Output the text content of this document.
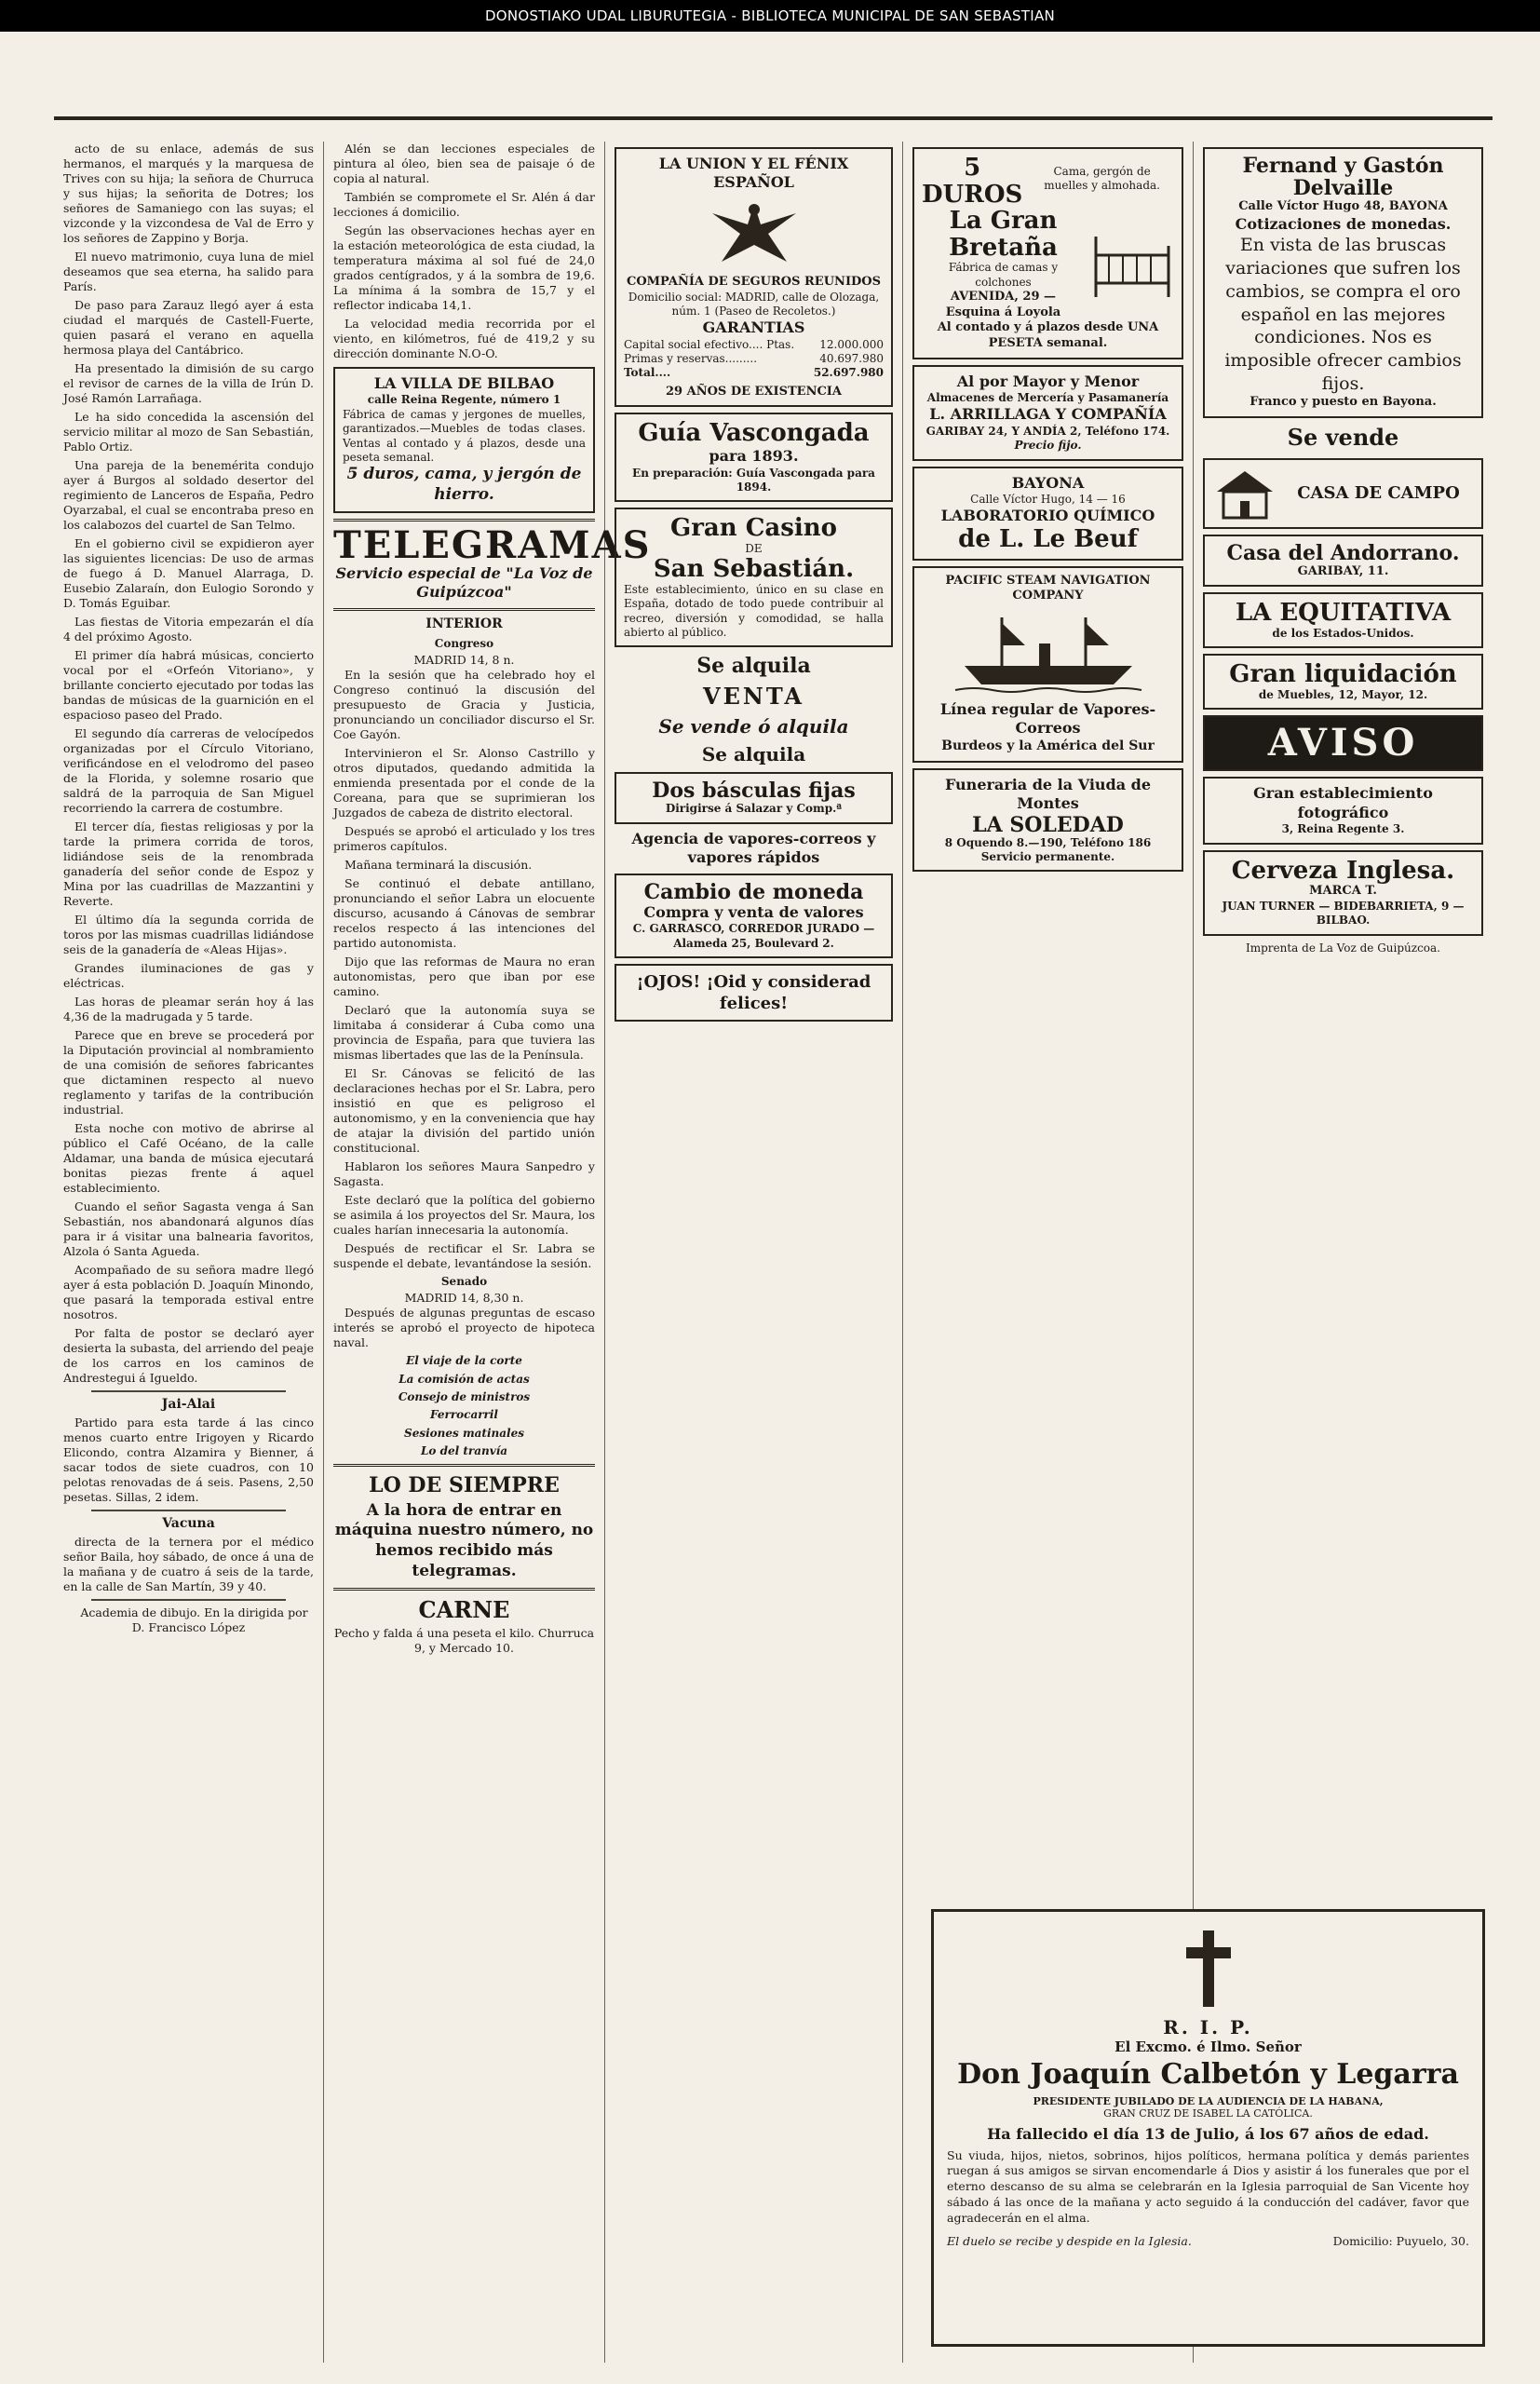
DONOSTIAKO UDAL LIBURUTEGIA - BIBLIOTECA MUNICIPAL DE SAN SEBASTIAN

acto de su enlace, además de sus hermanos, el marqués y la marquesa de Trives con su hija; la señora de Churruca y sus hijas; la señorita de Dotres; los señores de Samaniego con las suyas; el vizconde y la vizcondesa de Val de Erro y los señores de Zappino y Borja.

El nuevo matrimonio, cuya luna de miel deseamos que sea eterna, ha salido para París.

De paso para Zarauz llegó ayer á esta ciudad el marqués de Castell-Fuerte, quien pasará el verano en aquella hermosa playa del Cantábrico.

Ha presentado la dimisión de su cargo el revisor de carnes de la villa de Irún D. José Ramón Larrañaga.

Le ha sido concedida la ascensión del servicio militar al mozo de San Sebastián, Pablo Ortiz.

Una pareja de la benemérita condujo ayer á Burgos al soldado desertor del regimiento de Lanceros de España, Pedro Oyarzabal, el cual se encontraba preso en los calabozos del cuartel de San Telmo.

En el gobierno civil se expidieron ayer las siguientes licencias: De uso de armas de fuego á D. Manuel Alarraga, D. Eusebio Zalaraín, don Eulogio Sorondo y D. Tomás Eguibar.

Las fiestas de Vitoria empezarán el día 4 del próximo Agosto.

El primer día habrá músicas, concierto vocal por el «Orfeón Vitoriano», y brillante concierto ejecutado por todas las bandas de músicas de la guarnición en el espacioso paseo del Prado.

El segundo día carreras de velocípedos organizadas por el Círculo Vitoriano, verificándose en el velodromo del paseo de la Florida, y solemne rosario que saldrá de la parroquia de San Miguel recorriendo la carrera de costumbre.

El tercer día, fiestas religiosas y por la tarde la primera corrida de toros, lidiándose seis de la renombrada ganadería del señor conde de Espoz y Mina por las cuadrillas de Mazzantini y Reverte.

El último día la segunda corrida de toros por las mismas cuadrillas lidiándose seis de la ganadería de «Aleas Hijas».

Grandes iluminaciones de gas y eléctricas.

Las horas de pleamar serán hoy á las 4,36 de la madrugada y 5 tarde.

Parece que en breve se procederá por la Diputación provincial al nombramiento de una comisión de señores fabricantes que dictaminen respecto al nuevo reglamento y tarifas de la contribución industrial.

Esta noche con motivo de abrirse al público el Café Océano, de la calle Aldamar, una banda de música ejecutará bonitas piezas frente á aquel establecimiento.

Cuando el señor Sagasta venga á San Sebastián, nos abandonará algunos días para ir á visitar una balnearia favoritos, Alzola ó Santa Agueda.

Acompañado de su señora madre llegó ayer á esta población D. Joaquín Minondo, que pasará la temporada estival entre nosotros.

Por falta de postor se declaró ayer desierta la subasta, del arriendo del peaje de los carros en los caminos de Andrestegui á Igueldo.

Jai-Alai

Partido para esta tarde á las cinco menos cuarto entre Irigoyen y Ricardo Elicondo, contra Alzamira y Bienner, á sacar todos de siete cuadros, con 10 pelotas renovadas de á seis. Pasens, 2,50 pesetas. Sillas, 2 idem.

Vacuna

directa de la ternera por el médico señor Baila, hoy sábado, de once á una de la mañana y de cuatro á seis de la tarde, en la calle de San Martín, 39 y 40.

Academia de dibujo. En la dirigida por D. Francisco López

Alén se dan lecciones especiales de pintura al óleo, bien sea de paisaje ó de copia al natural.

También se compromete el Sr. Alén á dar lecciones á domicilio.

Según las observaciones hechas ayer en la estación meteorológica de esta ciudad, la temperatura máxima al sol fué de 24,0 grados centígrados, y á la sombra de 19,6. La mínima á la sombra de 15,7 y el reflector indicaba 14,1.

La velocidad media recorrida por el viento, en kilómetros, fué de 419,2 y su dirección dominante N.O-O.

LA VILLA DE BILBAO
calle Reina Regente, número 1
Fábrica de camas y jergones de muelles, garantizados.—Muebles de todas clases. Ventas al contado y á plazos, desde una peseta semanal.
5 duros, cama, y jergón de hierro.
TELEGRAMAS
Servicio especial de "La Voz de Guipúzcoa"
INTERIOR
Congreso
MADRID 14, 8 n.

En la sesión que ha celebrado hoy el Congreso continuó la discusión del presupuesto de Gracia y Justicia, pronunciando un conciliador discurso el Sr. Coe Gayón.

Intervinieron el Sr. Alonso Castrillo y otros diputados, quedando admitida la enmienda presentada por el conde de la Coreana, para que se suprimieran los Juzgados de cabeza de distrito electoral.

Después se aprobó el articulado y los tres primeros capítulos.

Mañana terminará la discusión.

Se continuó el debate antillano, pronunciando el señor Labra un elocuente discurso, acusando á Cánovas de sembrar recelos respecto á las intenciones del partido autonomista.

Dijo que las reformas de Maura no eran autonomistas, pero que iban por ese camino.

Declaró que la autonomía suya se limitaba á considerar á Cuba como una provincia de España, para que tuviera las mismas libertades que las de la Península.

El Sr. Cánovas se felicitó de las declaraciones hechas por el Sr. Labra, pero insistió en que es peligroso el autonomismo, y en la conveniencia que hay de atajar la división del partido unión constitucional.

Hablaron los señores Maura Sanpedro y Sagasta.

Este declaró que la política del gobierno se asimila á los proyectos del Sr. Maura, los cuales harían innecesaria la autonomía.

Después de rectificar el Sr. Labra se suspende el debate, levantándose la sesión.

Senado
MADRID 14, 8,30 n.

Después de algunas preguntas de escaso interés se aprobó el proyecto de hipoteca naval.

El viaje de la corte
La comisión de actas
Consejo de ministros
Ferrocarril
Sesiones matinales
Lo del tranvía
LO DE SIEMPRE
A la hora de entrar en máquina nuestro número, no hemos recibido más telegramas.
CARNE
Pecho y falda á una peseta el kilo. Churruca 9, y Mercado 10.
LA UNION Y EL FÉNIX ESPAÑOL
COMPAÑÍA DE SEGUROS REUNIDOS
Domicilio social: MADRID, calle de Olozaga, núm. 1 (Paseo de Recoletos.)
GARANTIAS
Capital social efectivo.... Ptas. 12.000.000
Primas y reservas.........	40.697.980
Total....	52.697.980
29 AÑOS DE EXISTENCIA
Guía Vascongada
para 1893.
En preparación: Guía Vascongada para 1894.
Gran Casino
DE
San Sebastián.
Este establecimiento, único en su clase en España, dotado de todo puede contribuir al recreo, diversión y comodidad, se halla abierto al público.
Se alquila
VENTA
Se vende ó alquila
Se alquila
Dos básculas fijas
Dirigirse á Salazar y Comp.ª
Agencia de vapores-correos y vapores rápidos
Cambio de moneda
Compra y venta de valores
C. GARRASCO, CORREDOR JURADO — Alameda 25, Boulevard 2.
¡OJOS! ¡Oid y considerad felices!
5 DUROS
Cama, gergón de muelles y almohada.
La Gran Bretaña
Fábrica de camas y colchones
AVENIDA, 29 — Esquina á Loyola
Al contado y á plazos desde UNA PESETA semanal.
Al por Mayor y Menor
Almacenes de Mercería y Pasamanería
L. ARRILLAGA Y COMPAÑÍA
GARIBAY 24, Y ANDÍA 2, Teléfono 174.
Precio fijo.
BAYONA
Calle Víctor Hugo, 14 — 16
LABORATORIO QUÍMICO
de L. Le Beuf
PACIFIC STEAM NAVIGATION COMPANY
Línea regular de Vapores-Correos
Burdeos y la América del Sur
Funeraria de la Viuda de Montes
LA SOLEDAD
8 Oquendo 8.—190, Teléfono 186
Servicio permanente.
Fernand y Gastón Delvaille
Calle Víctor Hugo 48, BAYONA
Cotizaciones de monedas.
En vista de las bruscas variaciones que sufren los cambios, se compra el oro español en las mejores condiciones. Nos es imposible ofrecer cambios fijos.
Franco y puesto en Bayona.
Se vende
CASA DE CAMPO
Casa del Andorrano.
GARIBAY, 11.
LA EQUITATIVA
de los Estados-Unidos.
Gran liquidación
de Muebles, 12, Mayor, 12.
AVISO
Gran establecimiento fotográfico
3, Reina Regente 3.
Cerveza Inglesa.
MARCA T.
JUAN TURNER — BIDEBARRIETA, 9 — BILBAO.
Imprenta de La Voz de Guipúzcoa.
R. I. P.
El Excmo. é Ilmo. Señor
Don Joaquín Calbetón y Legarra
PRESIDENTE JUBILADO DE LA AUDIENCIA DE LA HABANA,
GRAN CRUZ DE ISABEL LA CATÓLICA.
Ha fallecido el día 13 de Julio, á los 67 años de edad.
Su viuda, hijos, nietos, sobrinos, hijos políticos, hermana política y demás parientes ruegan á sus amigos se sirvan encomendarle á Dios y asistir á los funerales que por el eterno descanso de su alma se celebrarán en la Iglesia parroquial de San Vicente hoy sábado á las once de la mañana y acto seguido á la conducción del cadáver, favor que agradecerán en el alma.
El duelo se recibe y despide en la Iglesia.	Domicilio: Puyuelo, 30.
